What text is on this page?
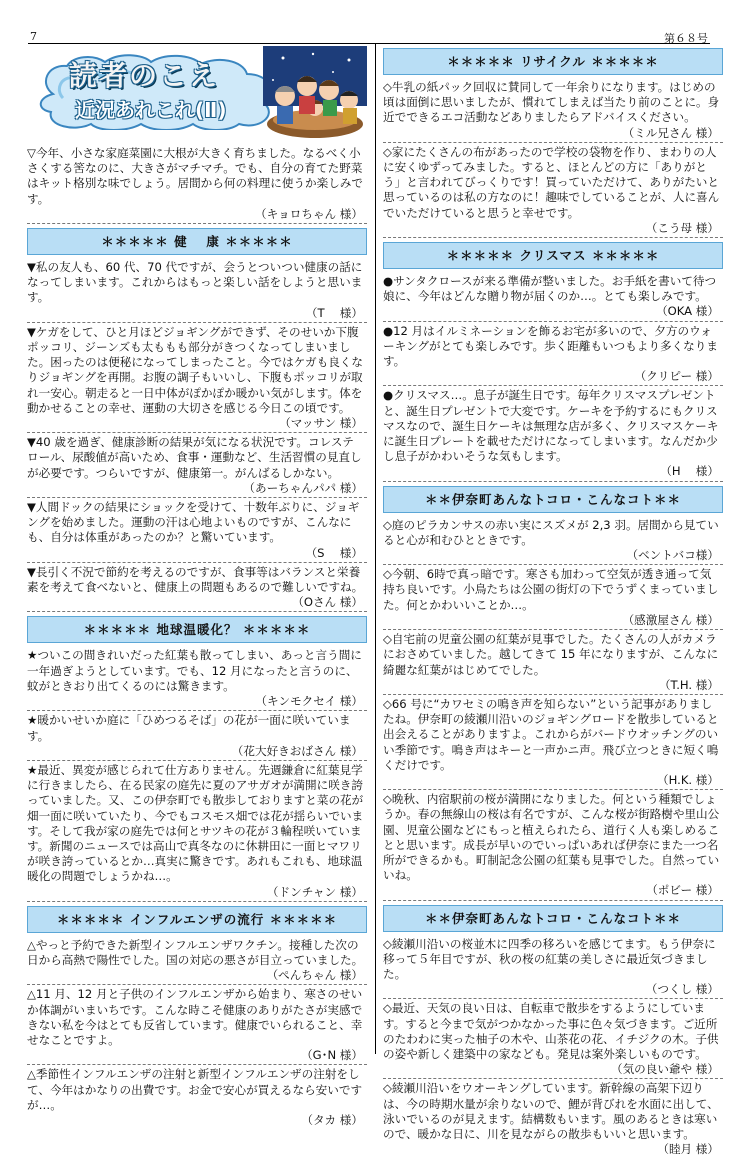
7	第６８号
読者のこえ
近況あれこれ(Ⅱ)
▽今年、小さな家庭菜園に大根が大きく育ちました。なるべく小さくする筈なのに、大きさがマチマチ。でも、自分の育てた野菜はキット格別な味でしょう。居間から何の料理に使うか楽しみです。
（キョロちゃん 様）
＊＊＊＊＊ 健　 康 ＊＊＊＊＊
▼私の友人も、60 代、70 代ですが、会うとついつい健康の話になってしまいます。これからはもっと楽しい話をしようと思います。
（T　 様）
▼ケガをして、ひと月ほどジョギングができず、そのせいか下腹ポッコリ、ジーンズも太ももも部分がきつくなってしまいました。困ったのは便秘になってしまったこと。今ではケガも良くなりジョギングを再開。お腹の調子もいいし、下腹もポッコリが取れ一安心。朝走ると一日中体がぽかぽか暖かい気がします。体を動かせることの幸せ、運動の大切さを感じる今日この頃です。
（マッサン 様）
▼40 歳を過ぎ、健康診断の結果が気になる状況です。コレステロール、尿酸値が高いため、食事・運動など、生活習慣の見直しが必要です。つらいですが、健康第一。がんばるしかない。
（あーちゃんパパ 様）
▼人間ドックの結果にショックを受けて、十数年ぶりに、ジョギングを始めました。運動の汗は心地よいものですが、こんなにも、自分は体重があったのか？と驚いています。
（S　 様）
▼長引く不況で節約を考えるのですが、食事等はバランスと栄養素を考えて食べないと、健康上の問題もあるので難しいですね。
（Oさん 様）
＊＊＊＊＊ 地球温暖化？ ＊＊＊＊＊
★ついこの間きれいだった紅葉も散ってしまい、あっと言う間に一年過ぎようとしています。でも、12 月になったと言うのに、蚊がときおり出てくるのには驚きます。
（キンモクセイ 様）
★暖かいせいか庭に「ひめつるそば」の花が一面に咲いています。
（花大好きおばさん 様）
★最近、異変が感じられて仕方ありません。先週鎌倉に紅葉見学に行きましたら、在る民家の庭先に夏のアサガオが満開に咲き誇っていました。又、この伊奈町でも散歩しておりますと菜の花が畑一面に咲いていたり、今でもコスモス畑では花が揺らいでいます。そして我が家の庭先では何とサツキの花が３輪程咲いています。新聞のニュースでは高山で真冬なのに休耕田に一面ヒマワリが咲き誇っているとか…真実に驚きです。あれもこれも、地球温暖化の問題でしょうかね…。
（ドンチャン 様）
＊＊＊＊＊ インフルエンザの流行 ＊＊＊＊＊
△やっと予約できた新型インフルエンザワクチン。接種した次の日から高熱で陽性でした。国の対応の悪さが目立っていました。
（ぺんちゃん 様）
△11 月、12 月と子供のインフルエンザから始まり、寒さのせいか体調がいまいちです。こんな時こそ健康のありがたさが実感できない私を今はとても反省しています。健康でいられること、幸せなことですよ。
（G･N 様）
△季節性インフルエンザの注射と新型インフルエンザの注射をして、今年はかなりの出費です。お金で安心が買えるなら安いですが…。
（タカ 様）
＊＊＊＊＊ リサイクル ＊＊＊＊＊
◇牛乳の紙パック回収に賛同して一年余りになります。はじめの頃は面倒に思いましたが、慣れてしまえば当たり前のことに。身近でできるエコ活動などありましたらアドバイスください。
（ミル兄さん 様）
◇家にたくさんの布があったので学校の袋物を作り、まわりの人に安くゆずってみました。すると、ほとんどの方に「ありがとう」と言われてびっくりです！買っていただけて、ありがたいと思っているのは私の方なのに！趣味でしていることが、人に喜んでいただけていると思うと幸せです。
（こう母 様）
＊＊＊＊＊ クリスマス ＊＊＊＊＊
●サンタクロースが来る準備が整いました。お手紙を書いて待つ娘に、今年はどんな贈り物が届くのか…。とても楽しみです。
（OKA 様）
●12 月はイルミネーションを飾るお宅が多いので、夕方のウォーキングがとても楽しみです。歩く距離もいつもより多くなります。
（クリピー 様）
●クリスマス…。息子が誕生日です。毎年クリスマスプレゼントと、誕生日プレゼントで大変です。ケーキを予約するにもクリスマスなので、誕生日ケーキは無理な店が多く、クリスマスケーキに誕生日プレートを載せただけになってしまいます。なんだか少し息子がかわいそうな気もします。
（H　 様）
＊＊伊奈町あんなトコロ・こんなコト＊＊
◇庭のピラカンサスの赤い実にスズメが 2,3 羽。居間から見ていると心が和むひとときです。
（ベントバコ様）
◇今朝、6時で真っ暗です。寒さも加わって空気が透き通って気持ち良いです。小鳥たちは公園の街灯の下でうずくまっていました。何とかわいいことか…。
（感激屋さん 様）
◇自宅前の児童公園の紅葉が見事でした。たくさんの人がカメラにおさめていました。越してきて 15 年になりますが、こんなに綺麗な紅葉がはじめてでした。
（T.H. 様）
◇66 号に“カワセミの鳴き声を知らない”という記事がありましたね。伊奈町の綾瀬川沿いのジョギングロードを散歩していると出会えることがありますよ。これからがバードウオッチングのいい季節です。鳴き声はキーと一声かニ声。飛び立つときに短く鳴くだけです。
（H.K. 様）
◇晩秋、内宿駅前の桜が満開になりました。何という種類でしょうか。春の無線山の桜は有名ですが、こんな桜が街路樹や里山公園、児童公園などにもっと植えられたら、道行く人も楽しめることと思います。成長が早いのでいっぱいあれば伊奈にまた一つ名所ができるかも。町制記念公園の紅葉も見事でした。自然っていいね。
（ポビー 様）
＊＊伊奈町あんなトコロ・こんなコト＊＊
◇綾瀬川沿いの桜並木に四季の移ろいを感じてます。もう伊奈に移って５年目ですが、秋の桜の紅葉の美しさに最近気づきました。
（つくし 様）
◇最近、天気の良い日は、自転車で散歩をするようにしています。すると今まで気がつかなかった事に色々気づきます。ご近所のたわわに実った柚子の木や、山茶花の花、イチジクの木。子供の姿や新しく建築中の家なども。発見は案外楽しいものです。
（気の良い爺や 様）
◇綾瀬川沿いをウオーキングしています。新幹線の高架下辺りは、今の時期水量が余りないので、鯉が背びれを水面に出して、泳いでいるのが見えます。結構数もいます。風のあるときは寒いので、暖かな日に、川を見ながらの散歩もいいと思います。
（睦月 様）
